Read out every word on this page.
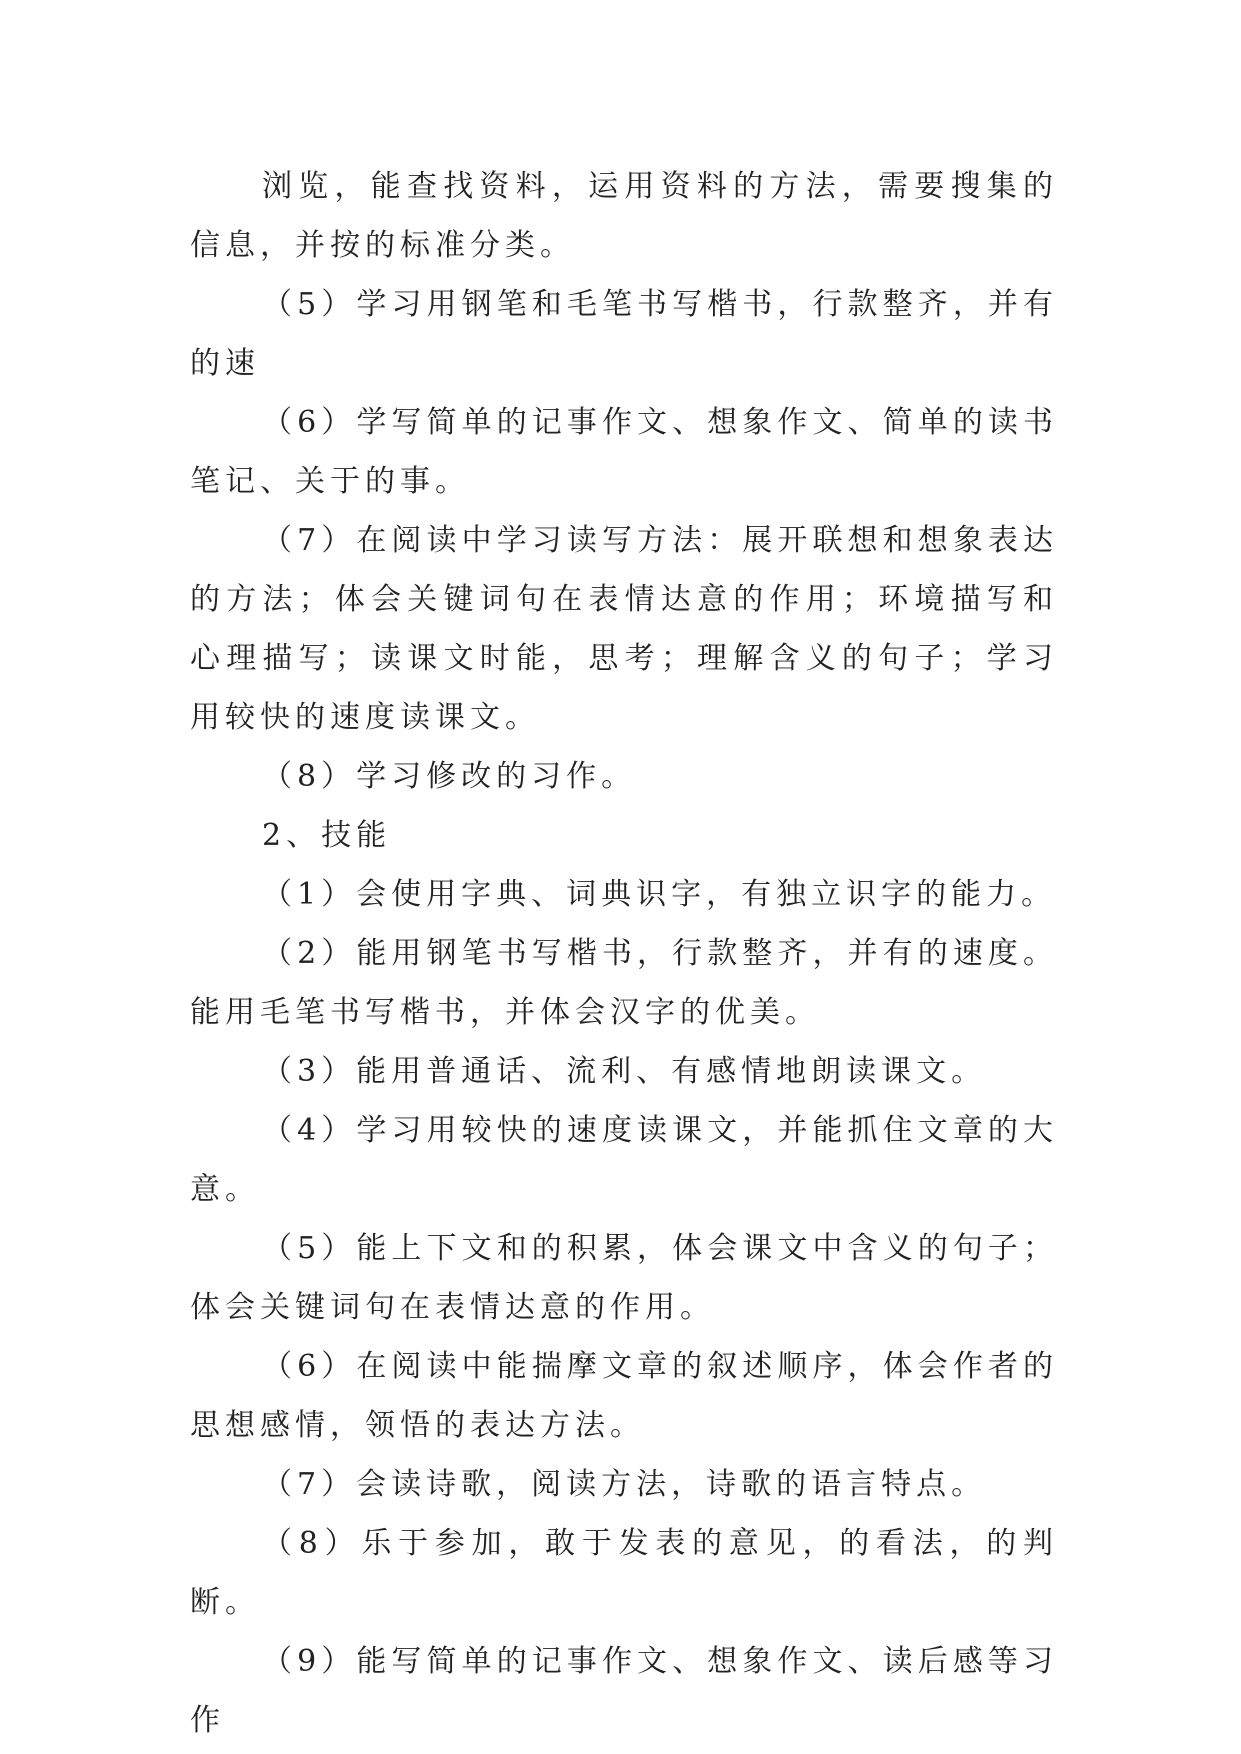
浏览，能查找资料，运用资料的方法，需要搜集的信息，并按的标准分类。

（5）学习用钢笔和毛笔书写楷书，行款整齐，并有的速

（6）学写简单的记事作文、想象作文、简单的读书笔记、关于的事。

（7）在阅读中学习读写方法：展开联想和想象表达的方法；体会关键词句在表情达意的作用；环境描写和心理描写；读课文时能，思考；理解含义的句子；学习用较快的速度读课文。

（8）学习修改的习作。

2、技能

（1）会使用字典、词典识字，有独立识字的能力。

（2）能用钢笔书写楷书，行款整齐，并有的速度。能用毛笔书写楷书，并体会汉字的优美。

（3）能用普通话、流利、有感情地朗读课文。

（4）学习用较快的速度读课文，并能抓住文章的大意。

（5）能上下文和的积累，体会课文中含义的句子；体会关键词句在表情达意的作用。

（6）在阅读中能揣摩文章的叙述顺序，体会作者的思想感情，领悟的表达方法。

（7）会读诗歌，阅读方法，诗歌的语言特点。

（8）乐于参加，敢于发表的意见，的看法，的判断。

（9）能写简单的记事作文、想象作文、读后感等习作
